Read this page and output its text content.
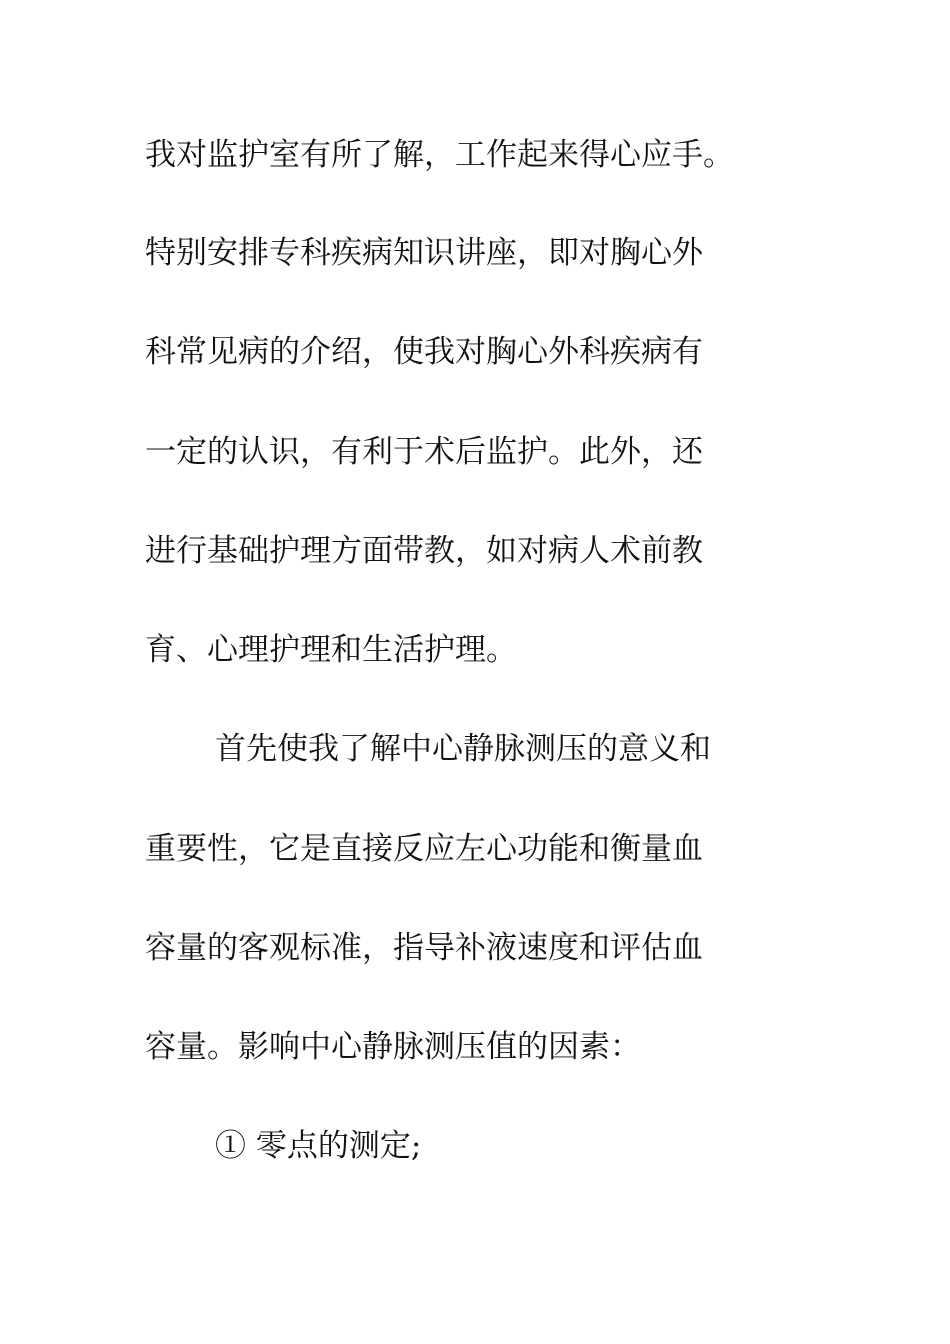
我对监护室有所了解，工作起来得心应手。
特别安排专科疾病知识讲座，即对胸心外
科常见病的介绍，使我对胸心外科疾病有
一定的认识，有利于术后监护。此外，还
进行基础护理方面带教，如对病人术前教
育、心理护理和生活护理。
首先使我了解中心静脉测压的意义和
重要性，它是直接反应左心功能和衡量血
容量的客观标准，指导补液速度和评估血
容量。影响中心静脉测压值的因素：
① 零点的测定;
